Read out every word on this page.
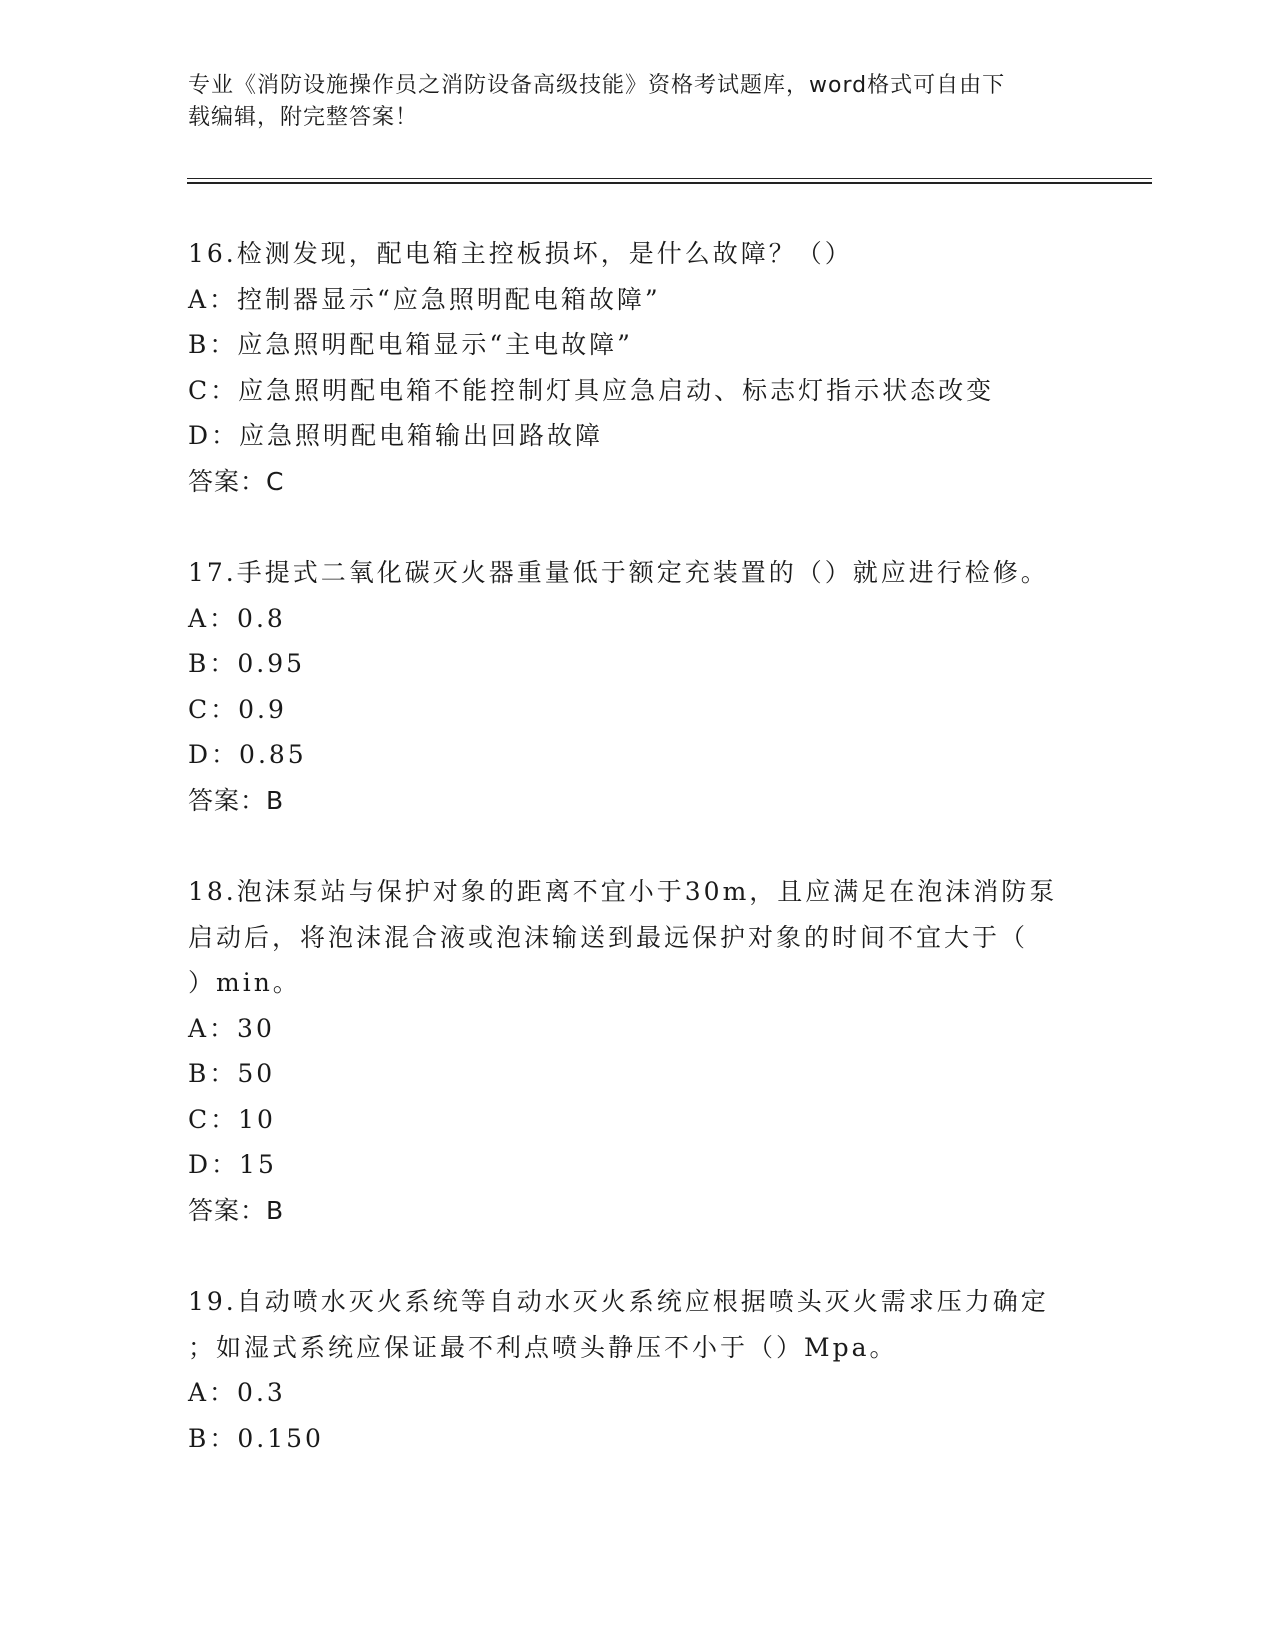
专业《消防设施操作员之消防设备高级技能》资格考试题库，word格式可自由下
载编辑，附完整答案！

16.检测发现，配电箱主控板损坏，是什么故障？（）

A：控制器显示“应急照明配电箱故障”

B：应急照明配电箱显示“主电故障”

C：应急照明配电箱不能控制灯具应急启动、标志灯指示状态改变

D：应急照明配电箱输出回路故障

答案：C

17.手提式二氧化碳灭火器重量低于额定充装置的（）就应进行检修。

A：0.8

B：0.95

C：0.9

D：0.85

答案：B

18.泡沫泵站与保护对象的距离不宜小于30m，且应满足在泡沫消防泵

启动后，将泡沫混合液或泡沫输送到最远保护对象的时间不宜大于（

）min。

A：30

B：50

C：10

D：15

答案：B

19.自动喷水灭火系统等自动水灭火系统应根据喷头灭火需求压力确定

；如湿式系统应保证最不利点喷头静压不小于（）Mpa。

A：0.3

B：0.150
